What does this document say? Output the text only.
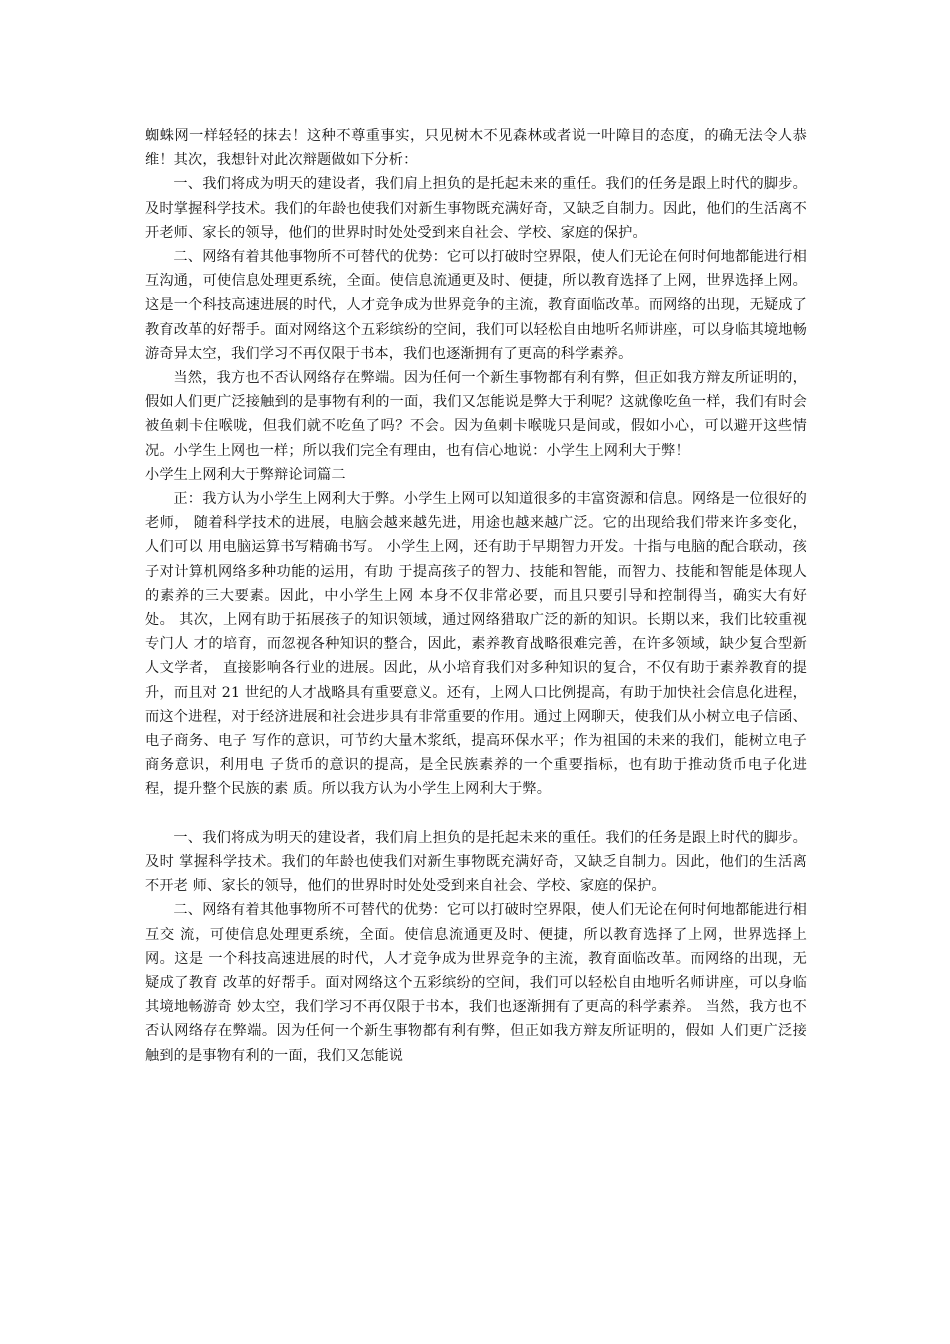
蜘蛛网一样轻轻的抹去！这种不尊重事实，只见树木不见森林或者说一叶障目的态度，的确无法令人恭维！其次，我想针对此次辩题做如下分析：

一、我们将成为明天的建设者，我们肩上担负的是托起未来的重任。我们的任务是跟上时代的脚步。及时掌握科学技术。我们的年龄也使我们对新生事物既充满好奇，又缺乏自制力。因此，他们的生活离不开老师、家长的领导，他们的世界时时处处受到来自社会、学校、家庭的保护。

二、网络有着其他事物所不可替代的优势：它可以打破时空界限，使人们无论在何时何地都能进行相互沟通，可使信息处理更系统，全面。使信息流通更及时、便捷，所以教育选择了上网，世界选择上网。这是一个科技高速进展的时代，人才竞争成为世界竞争的主流，教育面临改革。而网络的出现，无疑成了教育改革的好帮手。面对网络这个五彩缤纷的空间，我们可以轻松自由地听名师讲座，可以身临其境地畅游奇异太空，我们学习不再仅限于书本，我们也逐渐拥有了更高的科学素养。

当然，我方也不否认网络存在弊端。因为任何一个新生事物都有利有弊，但正如我方辩友所证明的，假如人们更广泛接触到的是事物有利的一面，我们又怎能说是弊大于利呢？这就像吃鱼一样，我们有时会被鱼刺卡住喉咙，但我们就不吃鱼了吗？不会。因为鱼刺卡喉咙只是间或，假如小心，可以避开这些情况。小学生上网也一样；所以我们完全有理由，也有信心地说：小学生上网利大于弊！

小学生上网利大于弊辩论词篇二

正：我方认为小学生上网利大于弊。小学生上网可以知道很多的丰富资源和信息。网络是一位很好的老师， 随着科学技术的进展，电脑会越来越先进，用途也越来越广泛。它的出现给我们带来许多变化，人们可以 用电脑运算书写精确书写。 小学生上网，还有助于早期智力开发。十指与电脑的配合联动，孩子对计算机网络多种功能的运用，有助 于提高孩子的智力、技能和智能，而智力、技能和智能是体现人的素养的三大要素。因此，中小学生上网 本身不仅非常必要，而且只要引导和控制得当，确实大有好处。 其次，上网有助于拓展孩子的知识领域，通过网络猎取广泛的新的知识。长期以来，我们比较重视专门人 才的培育，而忽视各种知识的整合，因此，素养教育战略很难完善，在许多领域，缺少复合型新人文学者， 直接影响各行业的进展。因此，从小培育我们对多种知识的复合，不仅有助于素养教育的提升，而且对 21 世纪的人才战略具有重要意义。还有，上网人口比例提高，有助于加快社会信息化进程，而这个进程，对于经济进展和社会进步具有非常重要的作用。通过上网聊天，使我们从小树立电子信函、电子商务、电子 写作的意识，可节约大量木浆纸，提高环保水平；作为祖国的未来的我们，能树立电子商务意识，利用电 子货币的意识的提高，是全民族素养的一个重要指标，也有助于推动货币电子化进程，提升整个民族的素 质。所以我方认为小学生上网利大于弊。

一、我们将成为明天的建设者，我们肩上担负的是托起未来的重任。我们的任务是跟上时代的脚步。及时 掌握科学技术。我们的年龄也使我们对新生事物既充满好奇，又缺乏自制力。因此，他们的生活离不开老 师、家长的领导，他们的世界时时处处受到来自社会、学校、家庭的保护。

二、网络有着其他事物所不可替代的优势：它可以打破时空界限，使人们无论在何时何地都能进行相互交 流，可使信息处理更系统，全面。使信息流通更及时、便捷，所以教育选择了上网，世界选择上网。这是 一个科技高速进展的时代，人才竞争成为世界竞争的主流，教育面临改革。而网络的出现，无疑成了教育 改革的好帮手。面对网络这个五彩缤纷的空间，我们可以轻松自由地听名师讲座，可以身临其境地畅游奇 妙太空，我们学习不再仅限于书本，我们也逐渐拥有了更高的科学素养。 当然，我方也不否认网络存在弊端。因为任何一个新生事物都有利有弊，但正如我方辩友所证明的，假如 人们更广泛接触到的是事物有利的一面，我们又怎能说
